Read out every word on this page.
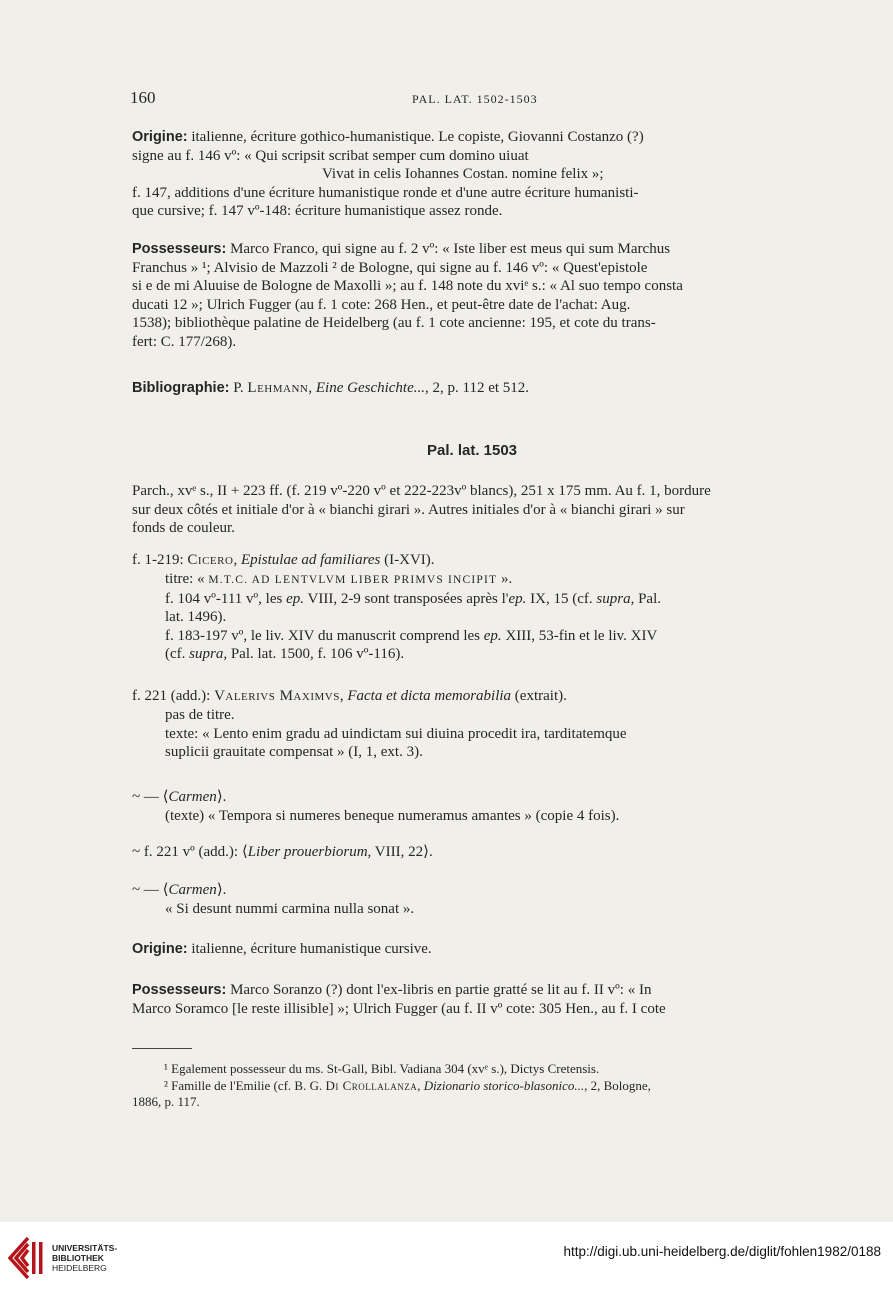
160	PAL. LAT. 1502-1503
Origine: italienne, écriture gothico-humanistique. Le copiste, Giovanni Costanzo (?)
signe au f. 146 vº: « Qui scripsit scribat semper cum domino uiuat
Vivat in celis Iohannes Costan. nomine felix »;
f. 147, additions d'une écriture humanistique ronde et d'une autre écriture humanisti-
que cursive; f. 147 vº-148: écriture humanistique assez ronde.
Possesseurs: Marco Franco, qui signe au f. 2 vº: « Iste liber est meus qui sum Marchus
Franchus » ¹; Alvisio de Mazzoli ² de Bologne, qui signe au f. 146 vº: « Quest'epistole
si e de mi Aluuise de Bologne de Maxolli »; au f. 148 note du xviᵉ s.: « Al suo tempo consta
ducati 12 »; Ulrich Fugger (au f. 1 cote: 268 Hen., et peut-être date de l'achat: Aug.
1538); bibliothèque palatine de Heidelberg (au f. 1 cote ancienne: 195, et cote du trans-
fert: C. 177/268).
Bibliographie: P. Lehmann, Eine Geschichte..., 2, p. 112 et 512.
Pal. lat. 1503
Parch., xvᵉ s., II + 223 ff. (f. 219 vº-220 vº et 222-223vº blancs), 251 x 175 mm. Au f. 1, bordure
sur deux côtés et initiale d'or à « bianchi girari ». Autres initiales d'or à « bianchi girari » sur
fonds de couleur.
f. 1-219: Cicero, Epistulae ad familiares (I-XVI).
titre: « M.T.C. AD LENTVLVM LIBER PRIMVS INCIPIT ».
f. 104 vº-111 vº, les ep. VIII, 2-9 sont transposées après l'ep. IX, 15 (cf. supra, Pal.
lat. 1496).
f. 183-197 vº, le liv. XIV du manuscrit comprend les ep. XIII, 53-fin et le liv. XIV
(cf. supra, Pal. lat. 1500, f. 106 vº-116).
f. 221 (add.): Valerivs Maximvs, Facta et dicta memorabilia (extrait).
pas de titre.
texte: « Lento enim gradu ad uindictam sui diuina procedit ira, tarditatemque
suplicii grauitate compensat » (I, 1, ext. 3).
~ — ⟨Carmen⟩.
(texte) « Tempora si numeres beneque numeramus amantes » (copie 4 fois).
~ f. 221 vº (add.): ⟨Liber prouerbiorum, VIII, 22⟩.
~ — ⟨Carmen⟩.
« Si desunt nummi carmina nulla sonat ».
Origine: italienne, écriture humanistique cursive.
Possesseurs: Marco Soranzo (?) dont l'ex-libris en partie gratté se lit au f. II vº: « In
Marco Soramco [le reste illisible] »; Ulrich Fugger (au f. II vº cote: 305 Hen., au f. I cote
¹ Egalement possesseur du ms. St-Gall, Bibl. Vadiana 304 (xvᵉ s.), Dictys Cretensis.
² Famille de l'Emilie (cf. B. G. Di Crollalanza, Dizionario storico-blasonico..., 2, Bologne,
1886, p. 117.
UNIVERSITÄTS-
BIBLIOTHEK
HEIDELBERG
http://digi.ub.uni-heidelberg.de/diglit/fohlen1982/0188
